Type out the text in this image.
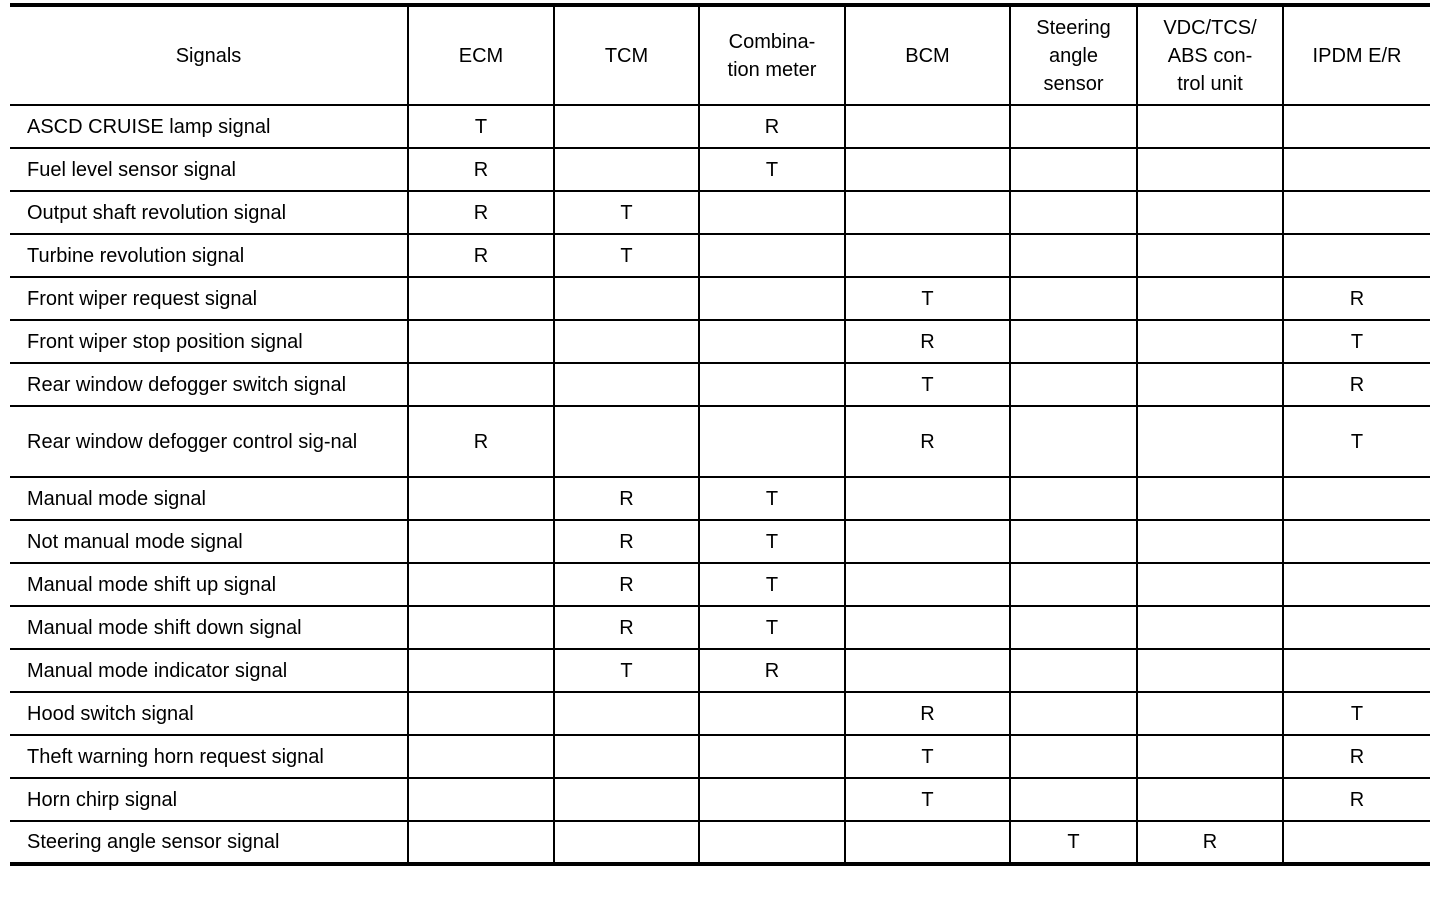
Signals	ECM	TCM	Combina-
tion meter	BCM	Steering
angle
sensor	VDC/TCS/
ABS con-
trol unit	IPDM E/R

ASCD CRUISE lamp signal	T		R				
Fuel level sensor signal	R		T				
Output shaft revolution signal	R	T					
Turbine revolution signal	R	T					
Front wiper request signal				T			R
Front wiper stop position signal				R			T
Rear window defogger switch signal				T			R
Rear window defogger control sig-nal	R			R			T
Manual mode signal		R	T				
Not manual mode signal		R	T				
Manual mode shift up signal		R	T				
Manual mode shift down signal		R	T				
Manual mode indicator signal		T	R				
Hood switch signal				R			T
Theft warning horn request signal				T			R
Horn chirp signal				T			R
Steering angle sensor signal					T	R	
